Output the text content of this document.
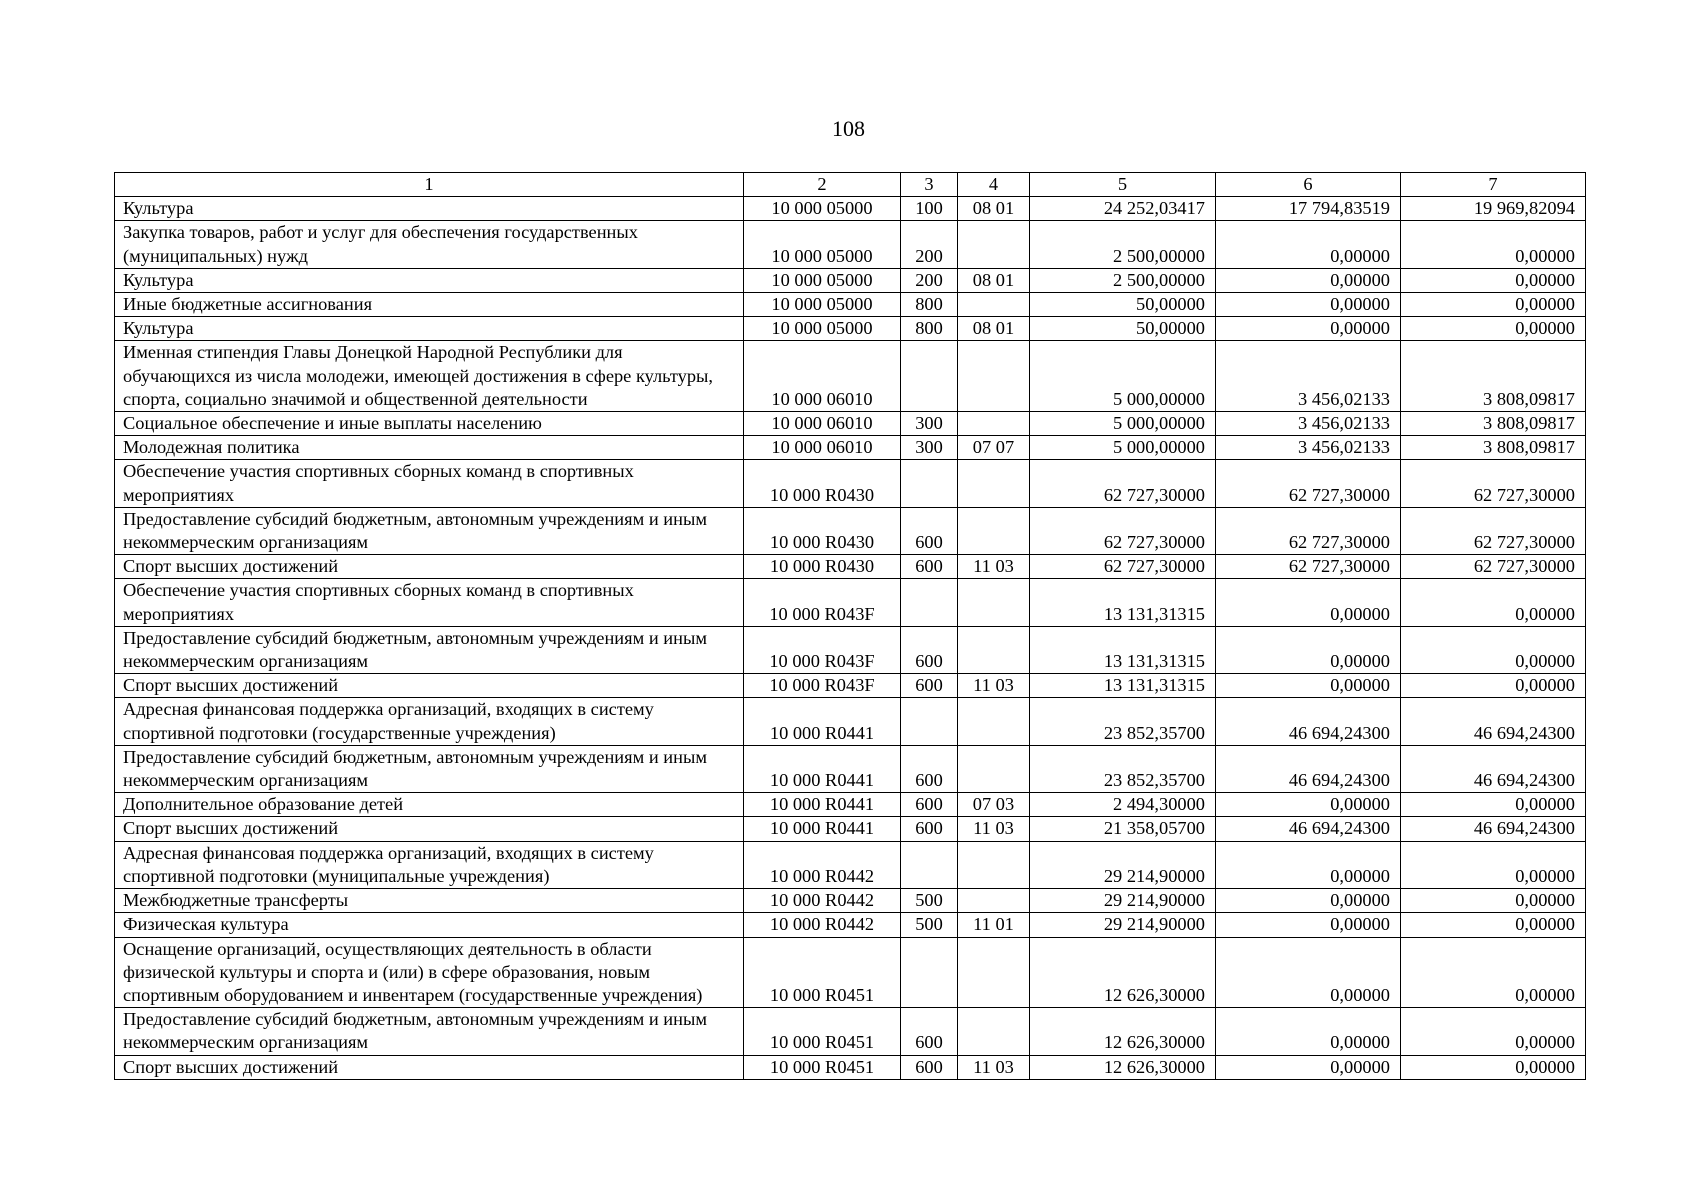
108
1	2	3	4	5	6	7
Культура	10 000 05000	100	08 01	24 252,03417	17 794,83519	19 969,82094
Закупка товаров, работ и услуг для обеспечения государственных (муниципальных) нужд	10 000 05000	200		2 500,00000	0,00000	0,00000
Культура	10 000 05000	200	08 01	2 500,00000	0,00000	0,00000
Иные бюджетные ассигнования	10 000 05000	800		50,00000	0,00000	0,00000
Культура	10 000 05000	800	08 01	50,00000	0,00000	0,00000
Именная стипендия Главы Донецкой Народной Республики для обучающихся из числа молодежи, имеющей достижения в сфере культуры, спорта, социально значимой и общественной деятельности	10 000 06010			5 000,00000	3 456,02133	3 808,09817
Социальное обеспечение и иные выплаты населению	10 000 06010	300		5 000,00000	3 456,02133	3 808,09817
Молодежная политика	10 000 06010	300	07 07	5 000,00000	3 456,02133	3 808,09817
Обеспечение участия спортивных сборных команд в спортивных мероприятиях	10 000 R0430			62 727,30000	62 727,30000	62 727,30000
Предоставление субсидий бюджетным, автономным учреждениям и иным некоммерческим организациям	10 000 R0430	600		62 727,30000	62 727,30000	62 727,30000
Спорт высших достижений	10 000 R0430	600	11 03	62 727,30000	62 727,30000	62 727,30000
Обеспечение участия спортивных сборных команд в спортивных мероприятиях	10 000 R043F			13 131,31315	0,00000	0,00000
Предоставление субсидий бюджетным, автономным учреждениям и иным некоммерческим организациям	10 000 R043F	600		13 131,31315	0,00000	0,00000
Спорт высших достижений	10 000 R043F	600	11 03	13 131,31315	0,00000	0,00000
Адресная финансовая поддержка организаций, входящих в систему спортивной подготовки (государственные учреждения)	10 000 R0441			23 852,35700	46 694,24300	46 694,24300
Предоставление субсидий бюджетным, автономным учреждениям и иным некоммерческим организациям	10 000 R0441	600		23 852,35700	46 694,24300	46 694,24300
Дополнительное образование детей	10 000 R0441	600	07 03	2 494,30000	0,00000	0,00000
Спорт высших достижений	10 000 R0441	600	11 03	21 358,05700	46 694,24300	46 694,24300
Адресная финансовая поддержка организаций, входящих в систему спортивной подготовки (муниципальные учреждения)	10 000 R0442			29 214,90000	0,00000	0,00000
Межбюджетные трансферты	10 000 R0442	500		29 214,90000	0,00000	0,00000
Физическая культура	10 000 R0442	500	11 01	29 214,90000	0,00000	0,00000
Оснащение организаций, осуществляющих деятельность в области физической культуры и спорта и (или) в сфере образования, новым спортивным оборудованием и инвентарем (государственные учреждения)	10 000 R0451			12 626,30000	0,00000	0,00000
Предоставление субсидий бюджетным, автономным учреждениям и иным некоммерческим организациям	10 000 R0451	600		12 626,30000	0,00000	0,00000
Спорт высших достижений	10 000 R0451	600	11 03	12 626,30000	0,00000	0,00000
